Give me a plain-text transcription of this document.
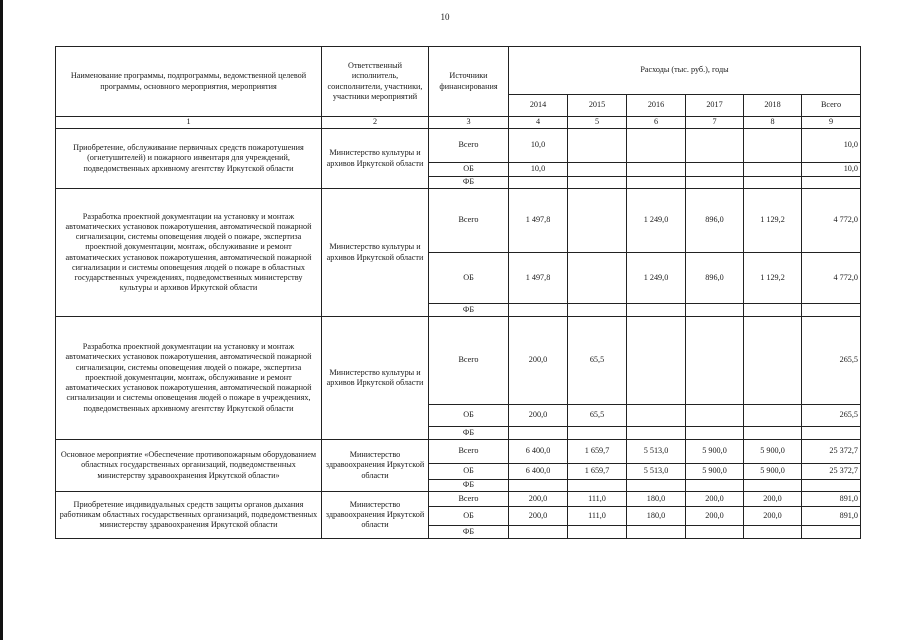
10
Наименование программы, подпрограммы, ведомственной целевой программы, основного мероприятия, мероприятия	Ответственный исполнитель, соисполнители, участники, участники мероприятий	Источники финансирования	Расходы (тыс. руб.), годы					
			2014	2015	2016	2017	2018	Всего
1	2	3	4	5	6	7	8	9
Приобретение, обслуживание первичных средств пожаротушения (огнетушителей) и пожарного инвентаря для учреждений, подведомственных архивному агентству Иркутской области	Министерство культуры и архивов Иркутской области	Всего	10,0					10,0
		ОБ	10,0					10,0
		ФБ						
Разработка проектной документации на установку и монтаж автоматических установок пожаротушения, автоматической пожарной сигнализации, системы оповещения людей о пожаре, экспертиза проектной документации, монтаж, обслуживание и ремонт автоматических установок пожаротушения, автоматической пожарной сигнализации и системы оповещения людей о пожаре в областных государственных учреждениях, подведомственных министерству культуры и архивов Иркутской области	Министерство культуры и архивов Иркутской области	Всего	1 497,8		1 249,0	896,0	1 129,2	4 772,0
		ОБ	1 497,8		1 249,0	896,0	1 129,2	4 772,0
		ФБ						
Разработка проектной документации на установку и монтаж автоматических установок пожаротушения, автоматической пожарной сигнализации, системы оповещения людей о пожаре, экспертиза проектной документации, монтаж, обслуживание и ремонт автоматических установок пожаротушения, автоматической пожарной сигнализации и системы оповещения людей о пожаре в учреждениях, подведомственных архивному агентству Иркутской области	Министерство культуры и архивов Иркутской области	Всего	200,0	65,5				265,5
		ОБ	200,0	65,5				265,5
		ФБ						
Основное мероприятие «Обеспечение противопожарным оборудованием областных государственных организаций, подведомственных министерству здравоохранения Иркутской области»	Министерство здравоохранения Иркутской области	Всего	6 400,0	1 659,7	5 513,0	5 900,0	5 900,0	25 372,7
		ОБ	6 400,0	1 659,7	5 513,0	5 900,0	5 900,0	25 372,7
		ФБ						
Приобретение индивидуальных средств защиты органов дыхания работникам областных государственных организаций, подведомственных министерству здравоохранения Иркутской области	Министерство здравоохранения Иркутской области	Всего	200,0	111,0	180,0	200,0	200,0	891,0
		ОБ	200,0	111,0	180,0	200,0	200,0	891,0
		ФБ						
